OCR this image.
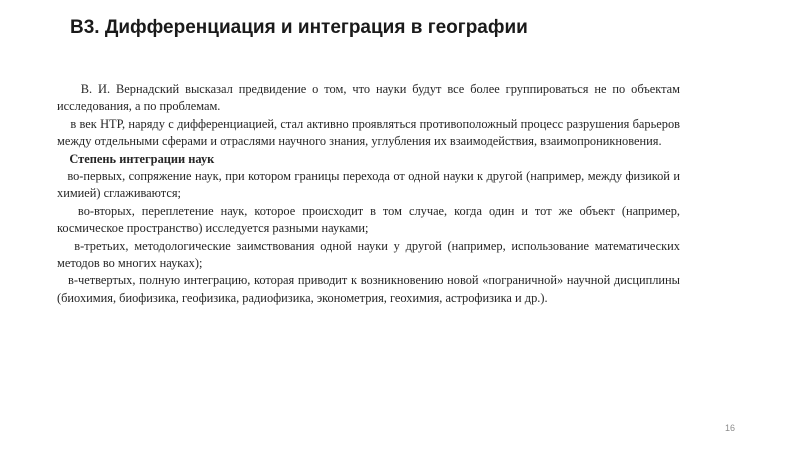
В3. Дифференциация и интеграция в географии

В. И. Вернадский высказал предвидение о том, что науки будут все более группироваться не по объектам исследования, а по проблемам.

в век НТР, наряду с дифференциацией, стал активно проявляться противоположный процесс разрушения барьеров между отдельными сферами и отраслями научного знания, углубления их взаимодействия, взаимопроникновения.

Степень интеграции наук

во-первых, сопряжение наук, при котором границы перехода от одной науки к другой (например, между физикой и химией) сглаживаются;

во-вторых, переплетение наук, которое происходит в том случае, когда один и тот же объект (например, космическое пространство) исследуется разными науками;

в-третьих, методологические заимствования одной науки у другой (например, использование математических методов во многих науках);

в-четвертых, полную интеграцию, которая приводит к возникновению новой «пограничной» научной дисциплины (биохимия, биофизика, геофизика, радиофизика, эконометрия, геохимия, астрофизика и др.).

16
